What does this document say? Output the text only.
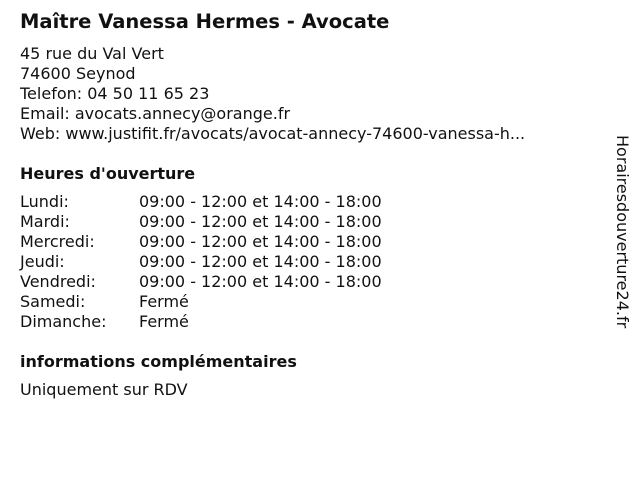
Maître Vanessa Hermes - Avocate
45 rue du Val Vert
74600 Seynod
Telefon: 04 50 11 65 23
Email: avocats.annecy@orange.fr
Web: www.justifit.fr/avocats/avocat-annecy-74600-vanessa-h...
Heures d'ouverture
Lundi:	09:00 - 12:00 et 14:00 - 18:00
Mardi:	09:00 - 12:00 et 14:00 - 18:00
Mercredi:	09:00 - 12:00 et 14:00 - 18:00
Jeudi:	09:00 - 12:00 et 14:00 - 18:00
Vendredi:	09:00 - 12:00 et 14:00 - 18:00
Samedi:	Fermé
Dimanche:	Fermé
informations complémentaires
Uniquement sur RDV
Horairesdouverture24.fr
